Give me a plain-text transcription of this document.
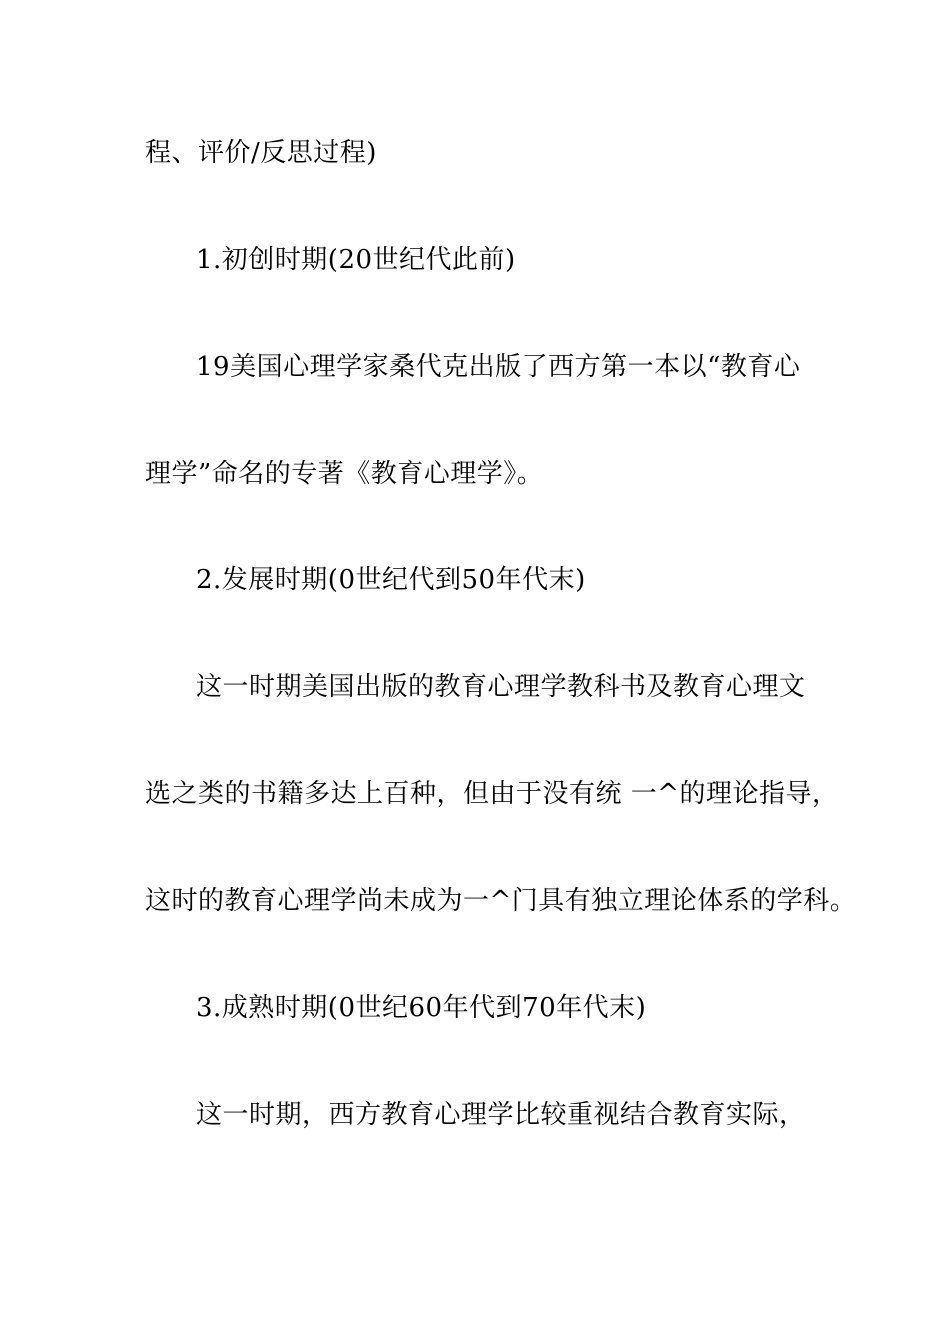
程、评价/反思过程)
1.初创时期(20世纪代此前)
19美国心理学家桑代克出版了西方第一本以“教育心
理学”命名的专著《教育心理学》。
2.发展时期(0世纪代到50年代末)
这一时期美国出版的教育心理学教科书及教育心理文
选之类的书籍多达上百种，但由于没有统 一^的理论指导，
这时的教育心理学尚未成为一^门具有独立理论体系的学科。
3.成熟时期(0世纪60年代到70年代末)
这一时期，西方教育心理学比较重视结合教育实际，
